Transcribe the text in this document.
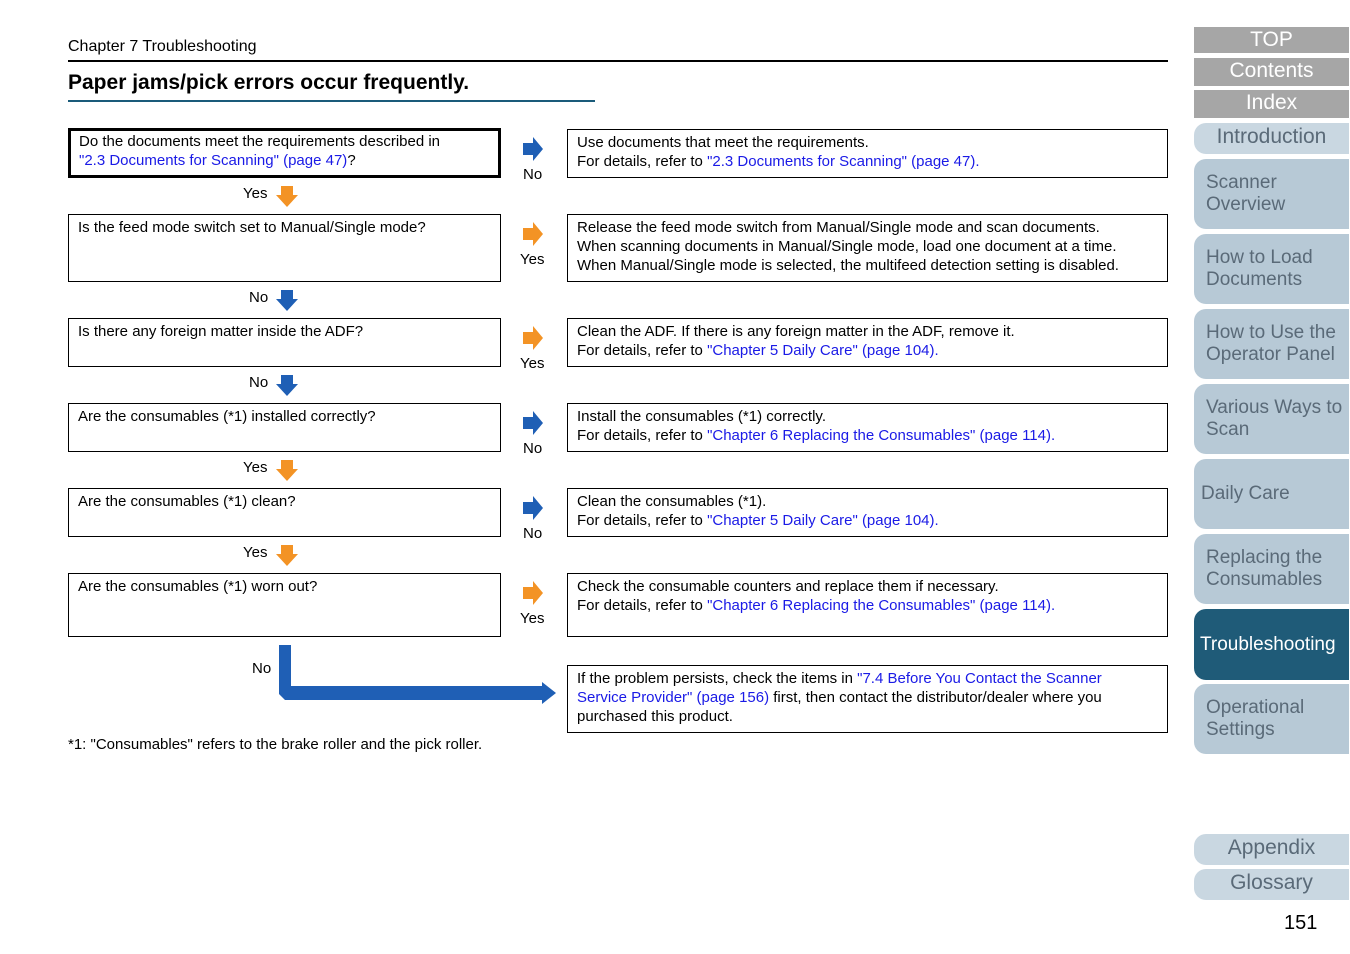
Chapter 7 Troubleshooting
Paper jams/pick errors occur frequently.
Do the documents meet the requirements described in
"2.3 Documents for Scanning" (page 47)?
No
Use documents that meet the requirements.
For details, refer to "2.3 Documents for Scanning" (page 47).
Yes
Is the feed mode switch set to Manual/Single mode?
Yes
Release the feed mode switch from Manual/Single mode and scan documents.
When scanning documents in Manual/Single mode, load one document at a time.
When Manual/Single mode is selected, the multifeed detection setting is disabled.
No
Is there any foreign matter inside the ADF?
Yes
Clean the ADF. If there is any foreign matter in the ADF, remove it.
For details, refer to "Chapter 5 Daily Care" (page 104).
No
Are the consumables (*1) installed correctly?
No
Install the consumables (*1) correctly.
For details, refer to "Chapter 6 Replacing the Consumables" (page 114).
Yes
Are the consumables (*1) clean?
No
Clean the consumables (*1).
For details, refer to "Chapter 5 Daily Care" (page 104).
Yes
Are the consumables (*1) worn out?
Yes
Check the consumable counters and replace them if necessary.
For details, refer to "Chapter 6 Replacing the Consumables" (page 114).
No
If the problem persists, check the items in "7.4 Before You Contact the Scanner
Service Provider" (page 156) first, then contact the distributor/dealer where you
purchased this product.
*1: "Consumables" refers to the brake roller and the pick roller.
TOP
Contents
Index
Introduction
Scanner
Overview
How to Load
Documents
How to Use the
Operator Panel
Various Ways to
Scan
Daily Care
Replacing the
Consumables
Troubleshooting
Operational
Settings
Appendix
Glossary
151
